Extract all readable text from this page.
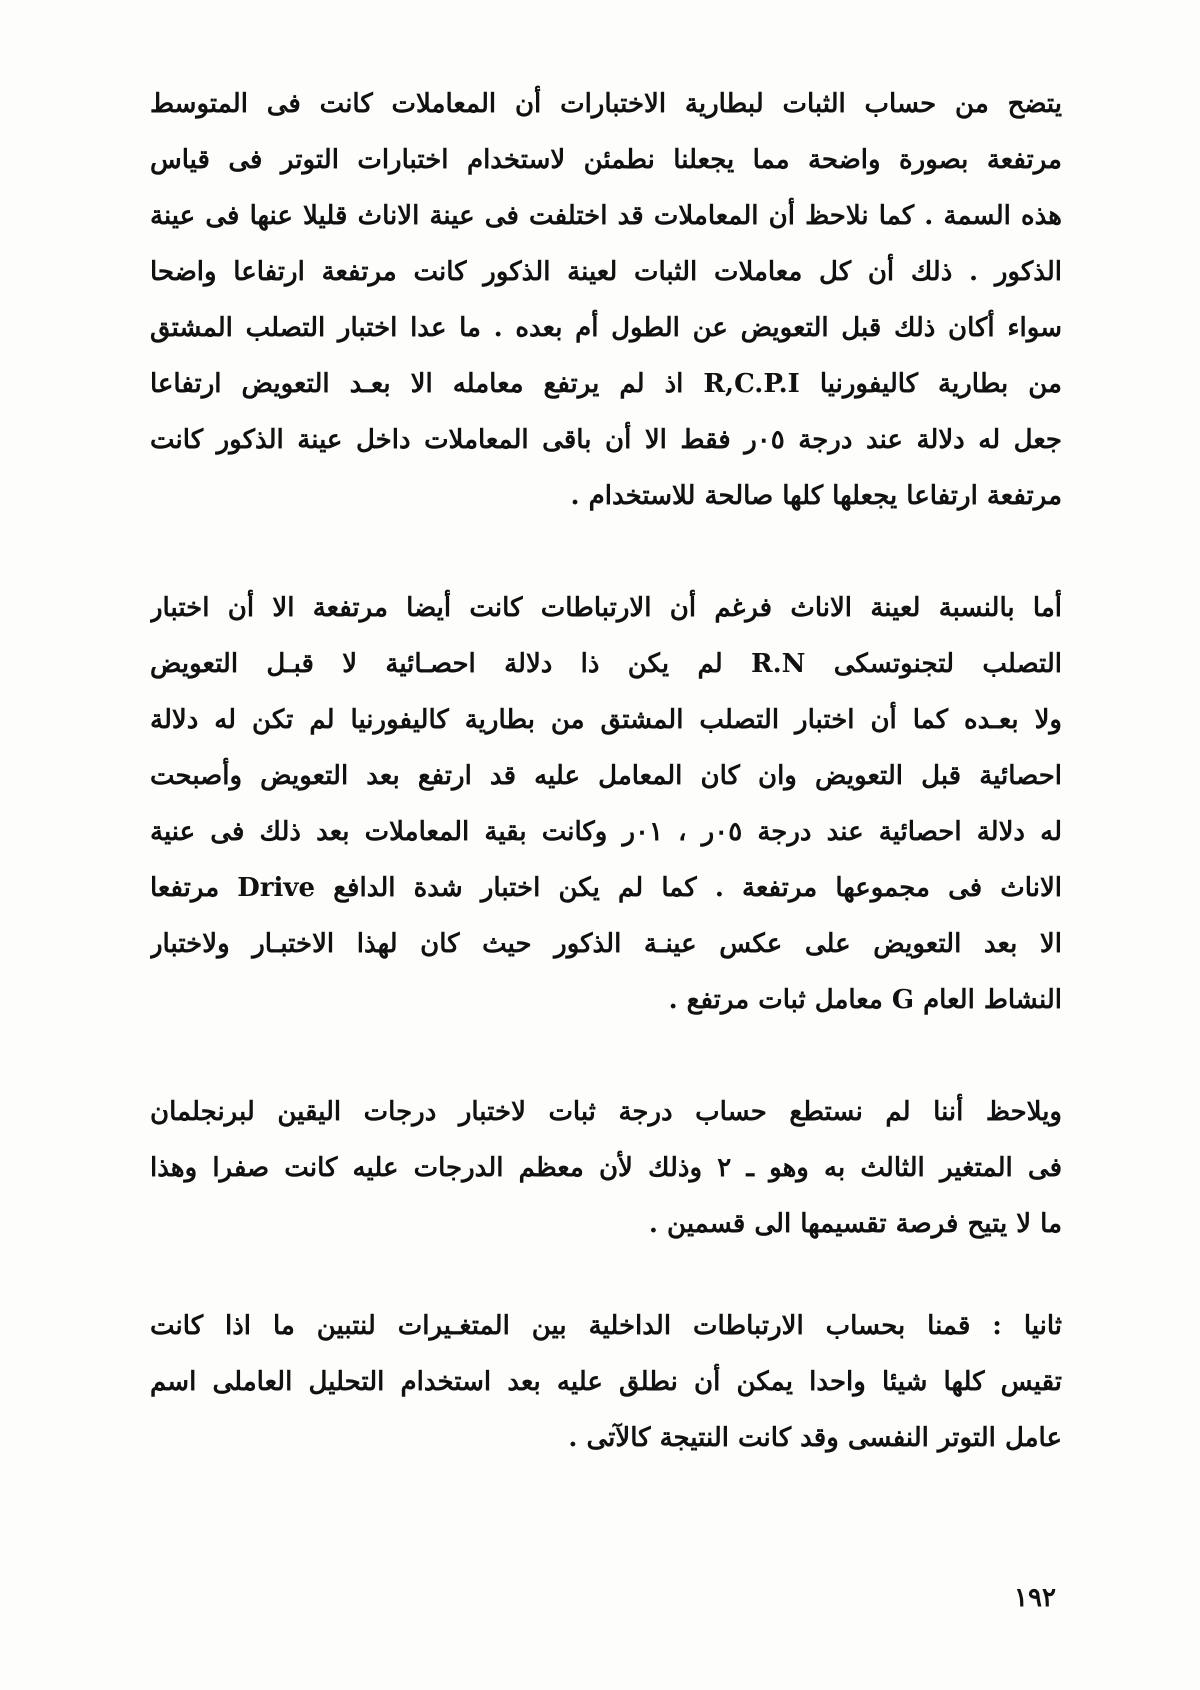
يتضح من حساب الثبات لبطارية الاختبارات أن المعاملات كانت فى المتوسط
مرتفعة بصورة واضحة مما يجعلنا نطمئن لاستخدام اختبارات التوتر فى قياس
هذه السمة . كما نلاحظ أن المعاملات قد اختلفت فى عينة الاناث قليلا عنها فى عينة
الذكور . ذلك أن كل معاملات الثبات لعينة الذكور كانت مرتفعة ارتفاعا واضحا
سواء أكان ذلك قبل التعويض عن الطول أم بعده . ما عدا اختبار التصلب المشتق
من بطارية كاليفورنيا R,C.P.I اذ لم يرتفع معامله الا بعـد التعويض ارتفاعا
جعل له دلالة عند درجة ٠٥ر فقط الا أن باقى المعاملات داخل عينة الذكور كانت
مرتفعة ارتفاعا يجعلها كلها صالحة للاستخدام .
أما بالنسبة لعينة الاناث فرغم أن الارتباطات كانت أيضا مرتفعة الا أن اختبار
التصلب لتجنوتسكى R.N لم يكن ذا دلالة احصـائية لا قبـل التعويض
ولا بعـده كما أن اختبار التصلب المشتق من بطارية كاليفورنيا لم تكن له دلالة
احصائية قبل التعويض وان كان المعامل عليه قد ارتفع بعد التعويض وأصبحت
له دلالة احصائية عند درجة ٠٥ر ، ٠١ر وكانت بقية المعاملات بعد ذلك فى عنية
الاناث فى مجموعها مرتفعة . كما لم يكن اختبار شدة الدافع Drive مرتفعا
الا بعد التعويض على عكس عينـة الذكور حيث كان لهذا الاختبـار ولاختبار
النشاط العام G معامل ثبات مرتفع .
ويلاحظ أننا لم نستطع حساب درجة ثبات لاختبار درجات اليقين لبرنجلمان
فى المتغير الثالث به وهو ـ ٢ وذلك لأن معظم الدرجات عليه كانت صفرا وهذا
ما لا يتيح فرصة تقسيمها الى قسمين .
ثانيا : قمنا بحساب الارتباطات الداخلية بين المتغـيرات لنتبين ما اذا كانت
تقيس كلها شيئا واحدا يمكن أن نطلق عليه بعد استخدام التحليل العاملى اسم
عامل التوتر النفسى وقد كانت النتيجة كالآتى .
١٩٢
